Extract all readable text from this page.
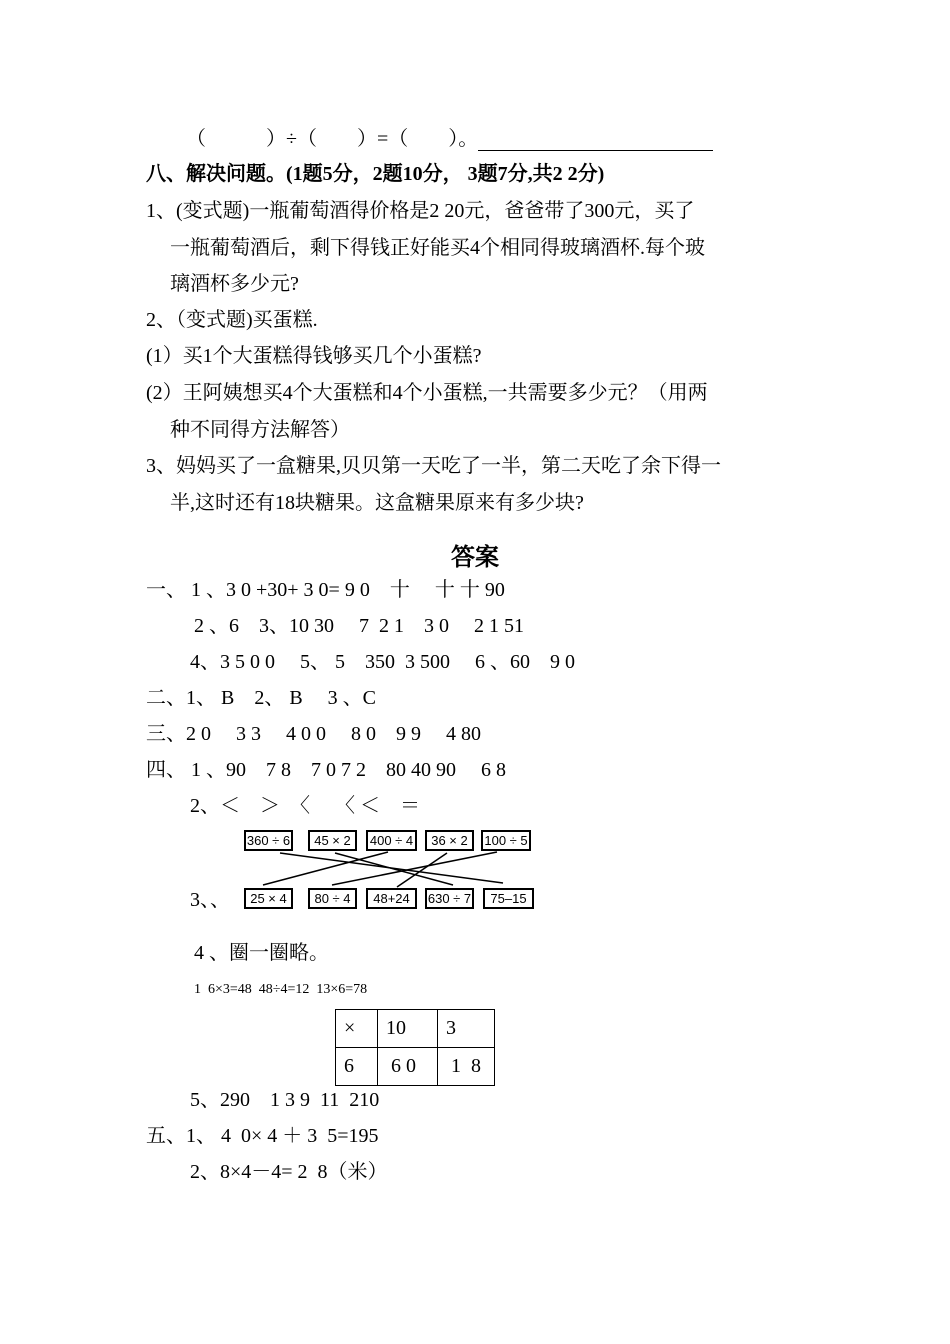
（　　　）÷（　　）=（　　）。
八、解决问题。(1题5分，2题10分， 3题7分,共2 2分)
1、(变式题)一瓶葡萄酒得价格是2 20元，爸爸带了300元，买了
一瓶葡萄酒后，剩下得钱正好能买4个相同得玻璃酒杯.每个玻
璃酒杯多少元?
2、（变式题)买蛋糕.
(1）买1个大蛋糕得钱够买几个小蛋糕?
(2）王阿姨想买4个大蛋糕和4个小蛋糕,一共需要多少元？（用两
种不同得方法解答）
3、妈妈买了一盒糖果,贝贝第一天吃了一半，第二天吃了余下得一
半,这时还有18块糖果。这盒糖果原来有多少块?
答案
一、 1 、3 0 +30+ 3 0= 9 0　十　 十 十 90
2 、6　3、10 30　 7  2 1　3 0　 2 1 51
4、3 5 0 0　 5、 5　350  3 500　 6 、60　9 0
二、1、 B　2、 B　 3 、C
三、2 0　 3 3　 4 0 0　 8 0　9 9　 4 80
四、 1 、90　7 8　7 0 7 2　80 40 90　 6 8
2、＜　＞　〈　 〈 ＜　＝
360 ÷ 6	45 × 2	400 ÷ 4	36 × 2	100 ÷ 5
3、、	25 × 4	80 ÷ 4	48+24	630 ÷ 7	75–15
4 、圈一圈略。
1  6×3=48  48÷4=12  13×6=78
×	10	3
6	6 0	1  8
5、290　1 3 9  11  210
五、1、 4  0× 4 ＋ 3  5=195
2、8×4－4= 2  8（米）
